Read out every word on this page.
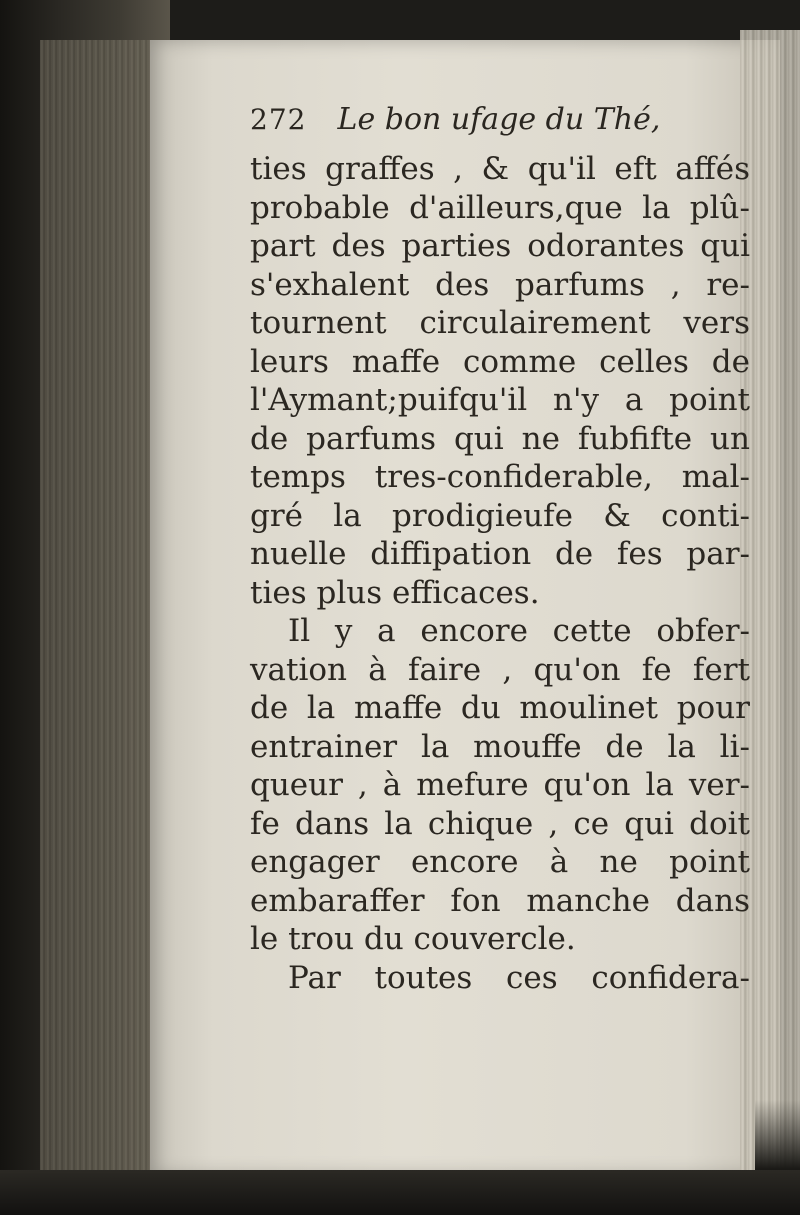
272 Le bon ufage du Thé,
ties graffes , & qu'il eft affés
probable d'ailleurs,que la plû-
part des parties odorantes qui
s'exhalent des parfums , re-
tournent circulairement vers
leurs maffe comme celles de
l'Aymant;puifqu'il n'y a point
de parfums qui ne fubfifte un
temps tres-confiderable, mal-
gré la prodigieufe & conti-
nuelle diffipation de fes par-
ties plus efficaces.
Il y a encore cette obfer-
vation à faire , qu'on fe fert
de la maffe du moulinet pour
entrainer la mouffe de la li-
queur , à mefure qu'on la ver-
fe dans la chique , ce qui doit
engager encore à ne point
embaraffer fon manche dans
le trou du couvercle.
Par toutes ces confidera-
